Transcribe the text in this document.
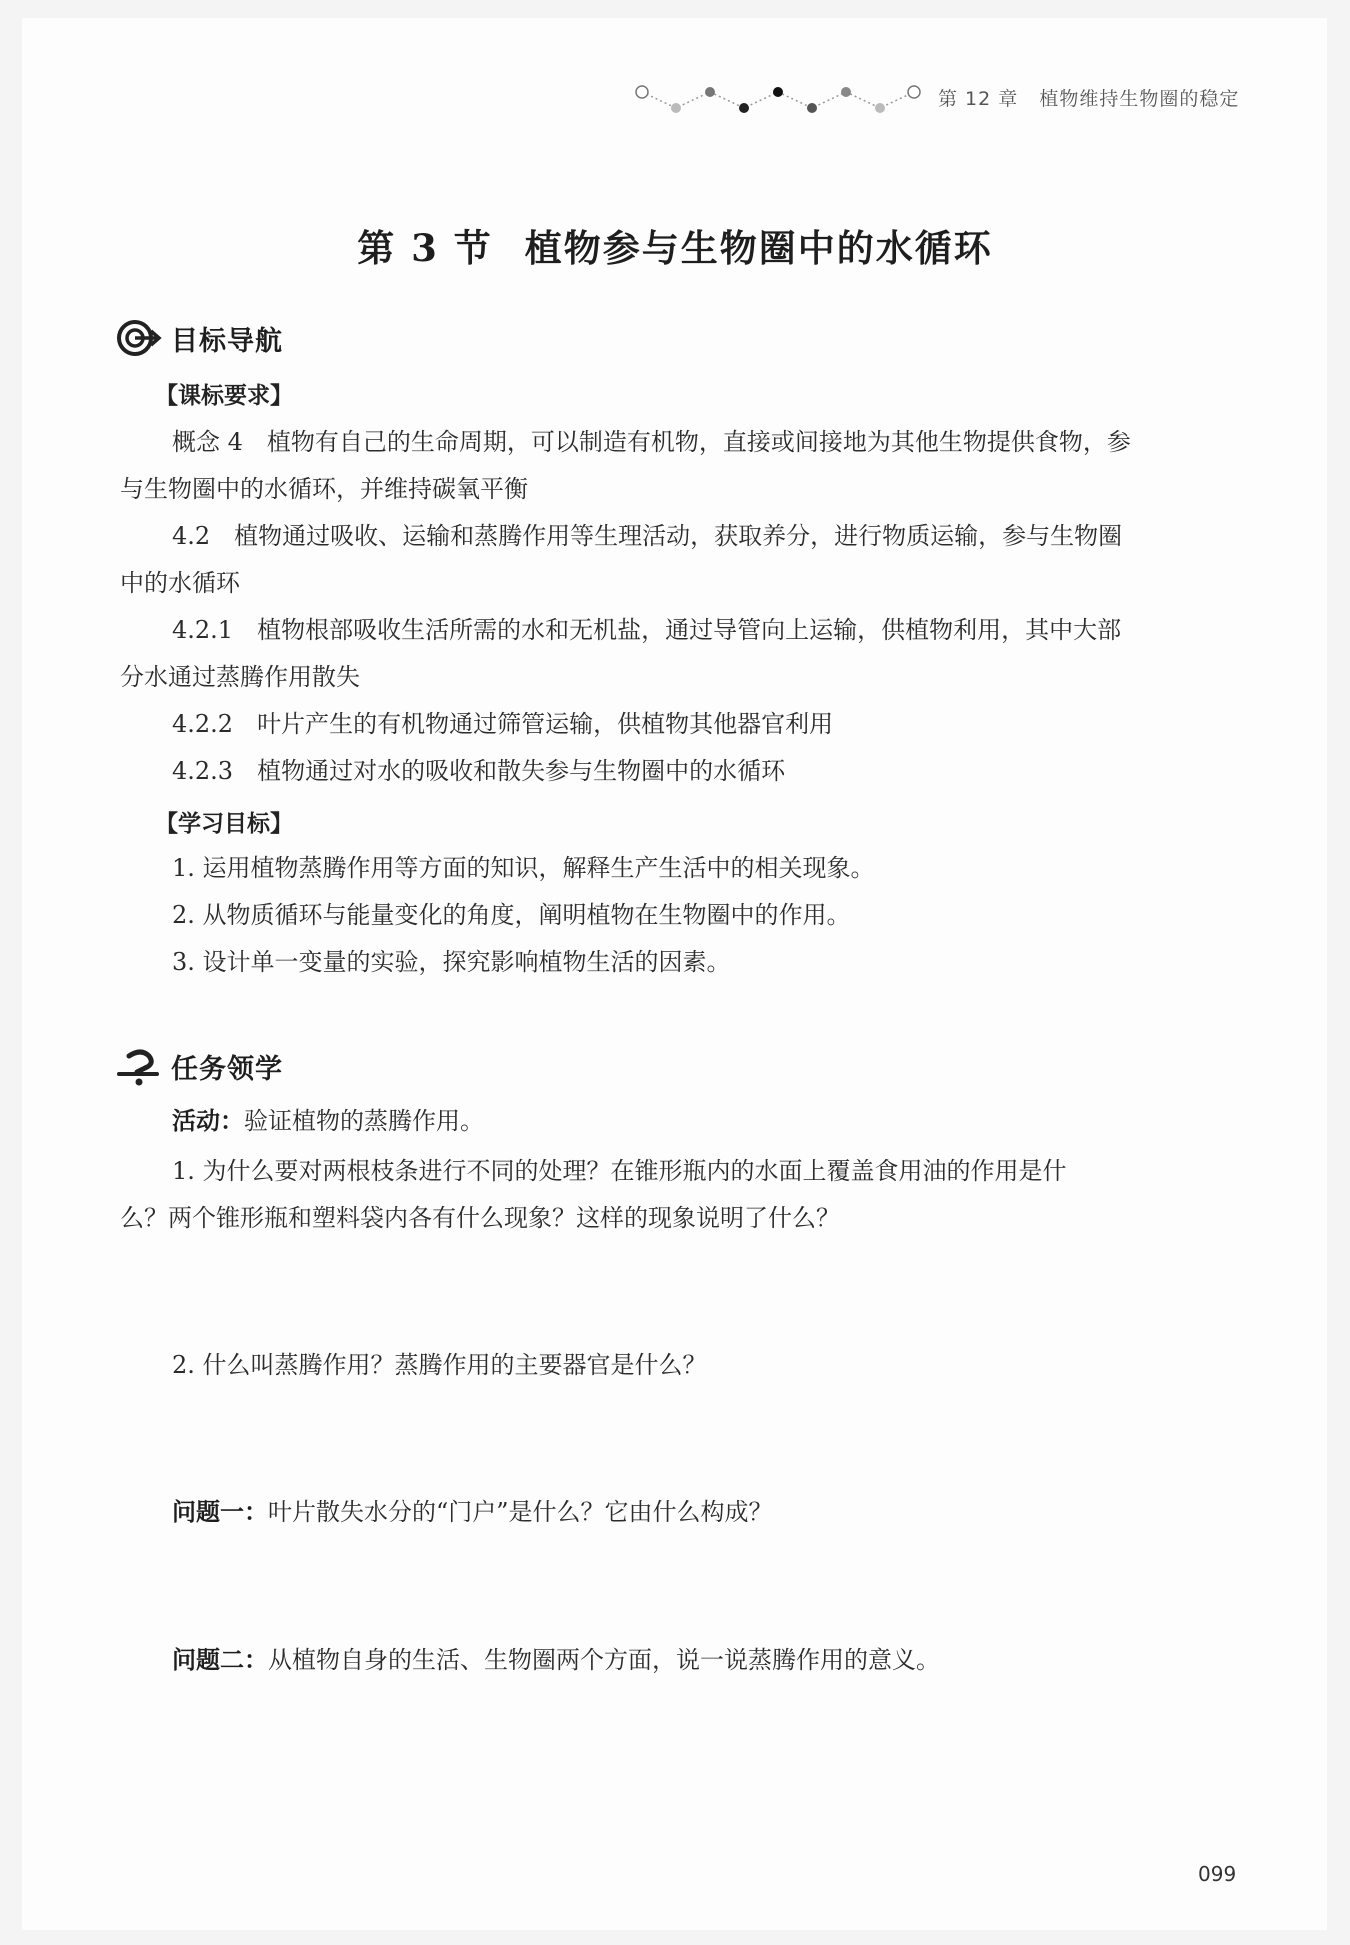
第 12 章 植物维持生物圈的稳定
第 3 节 植物参与生物圈中的水循环
目标导航
【课标要求】
概念 4　植物有自己的生命周期，可以制造有机物，直接或间接地为其他生物提供食物，参
与生物圈中的水循环，并维持碳氧平衡
4.2　植物通过吸收、运输和蒸腾作用等生理活动，获取养分，进行物质运输，参与生物圈
中的水循环
4.2.1　植物根部吸收生活所需的水和无机盐，通过导管向上运输，供植物利用，其中大部
分水通过蒸腾作用散失
4.2.2　叶片产生的有机物通过筛管运输，供植物其他器官利用
4.2.3　植物通过对水的吸收和散失参与生物圈中的水循环
【学习目标】
1. 运用植物蒸腾作用等方面的知识，解释生产生活中的相关现象。
2. 从物质循环与能量变化的角度，阐明植物在生物圈中的作用。
3. 设计单一变量的实验，探究影响植物生活的因素。
任务领学
活动：验证植物的蒸腾作用。
1. 为什么要对两根枝条进行不同的处理？在锥形瓶内的水面上覆盖食用油的作用是什
么？两个锥形瓶和塑料袋内各有什么现象？这样的现象说明了什么？
2. 什么叫蒸腾作用？蒸腾作用的主要器官是什么？
问题一：叶片散失水分的“门户”是什么？它由什么构成？
问题二：从植物自身的生活、生物圈两个方面，说一说蒸腾作用的意义。
099
